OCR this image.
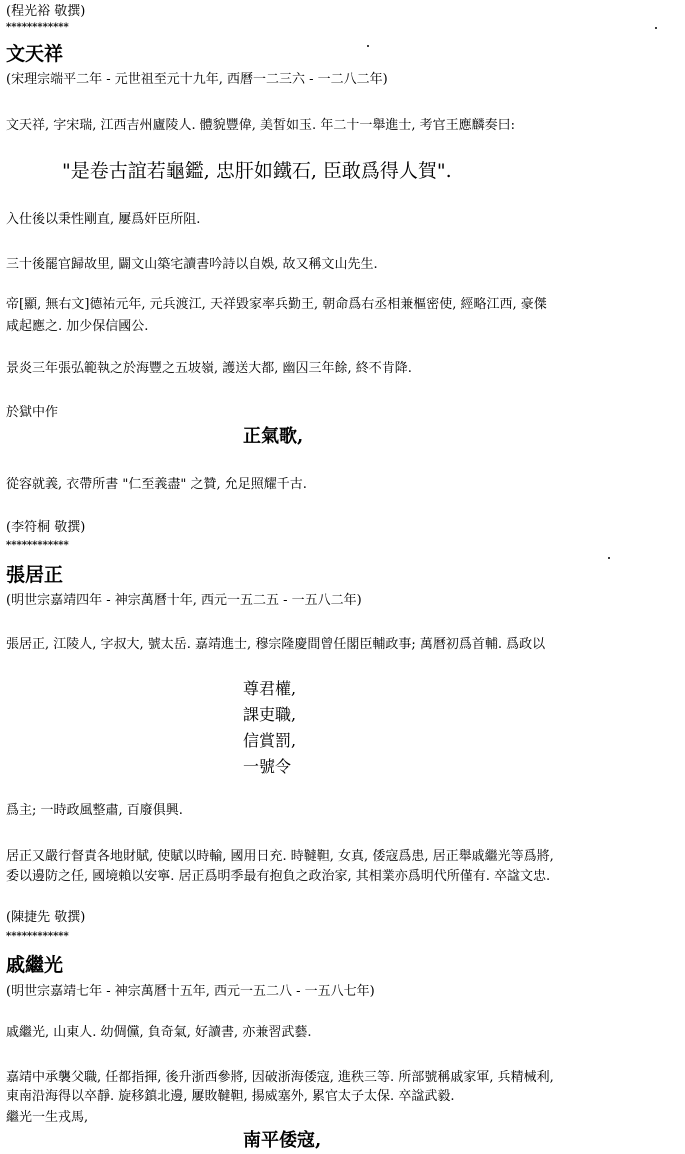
(程光裕 敬撰)
************
文天祥
(宋理宗端平二年 - 元世祖至元十九年, 西曆一二三六 - 一二八二年)
文天祥, 字宋瑞, 江西吉州廬陵人. 體貌豐偉, 美皙如玉. 年二十一舉進士, 考官王應麟奏曰:
"是卷古誼若龜鑑, 忠肝如鐵石, 臣敢爲得人賀".
入仕後以秉性剛直, 屢爲奸臣所阻.
三十後罷官歸故里, 闢文山築宅讀書吟詩以自娛, 故又稱文山先生.
帝[顯, 無右文]德祐元年, 元兵渡江, 天祥毀家率兵勤王, 朝命爲右丞相兼樞密使, 經略江西, 豪傑
咸起應之. 加少保信國公.
景炎三年張弘範執之於海豐之五坡嶺, 護送大都, 幽囚三年餘, 終不肯降.
於獄中作
正氣歌,
從容就義, 衣帶所書 "仁至義盡" 之贊, 允足照耀千古.
(李符桐 敬撰)
************
張居正
(明世宗嘉靖四年 - 神宗萬曆十年, 西元一五二五 - 一五八二年)
張居正, 江陵人, 字叔大, 號太岳. 嘉靖進士, 穆宗隆慶間曾任閣臣輔政事; 萬曆初爲首輔. 爲政以
尊君權,
課吏職,
信賞罰,
一號令
爲主; 一時政風整肅, 百廢俱興.
居正又嚴行督責各地財賦, 使賦以時輸, 國用日充. 時韃靼, 女真, 倭寇爲患, 居正舉戚繼光等爲將,
委以邊防之任, 國境賴以安寧. 居正爲明季最有抱負之政治家, 其相業亦爲明代所僅有. 卒諡文忠.
(陳捷先 敬撰)
************
戚繼光
(明世宗嘉靖七年 - 神宗萬曆十五年, 西元一五二八 - 一五八七年)
戚繼光, 山東人. 幼倜儻, 負奇氣, 好讀書, 亦兼習武藝.
嘉靖中承襲父職, 任都指揮, 後升浙西參將, 因破浙海倭寇, 進秩三等. 所部號稱戚家軍, 兵精械利,
東南沿海得以卒靜. 旋移鎮北邊, 屢敗韃靼, 揚威塞外, 累官太子太保. 卒諡武毅.
繼光一生戎馬,
南平倭寇,
